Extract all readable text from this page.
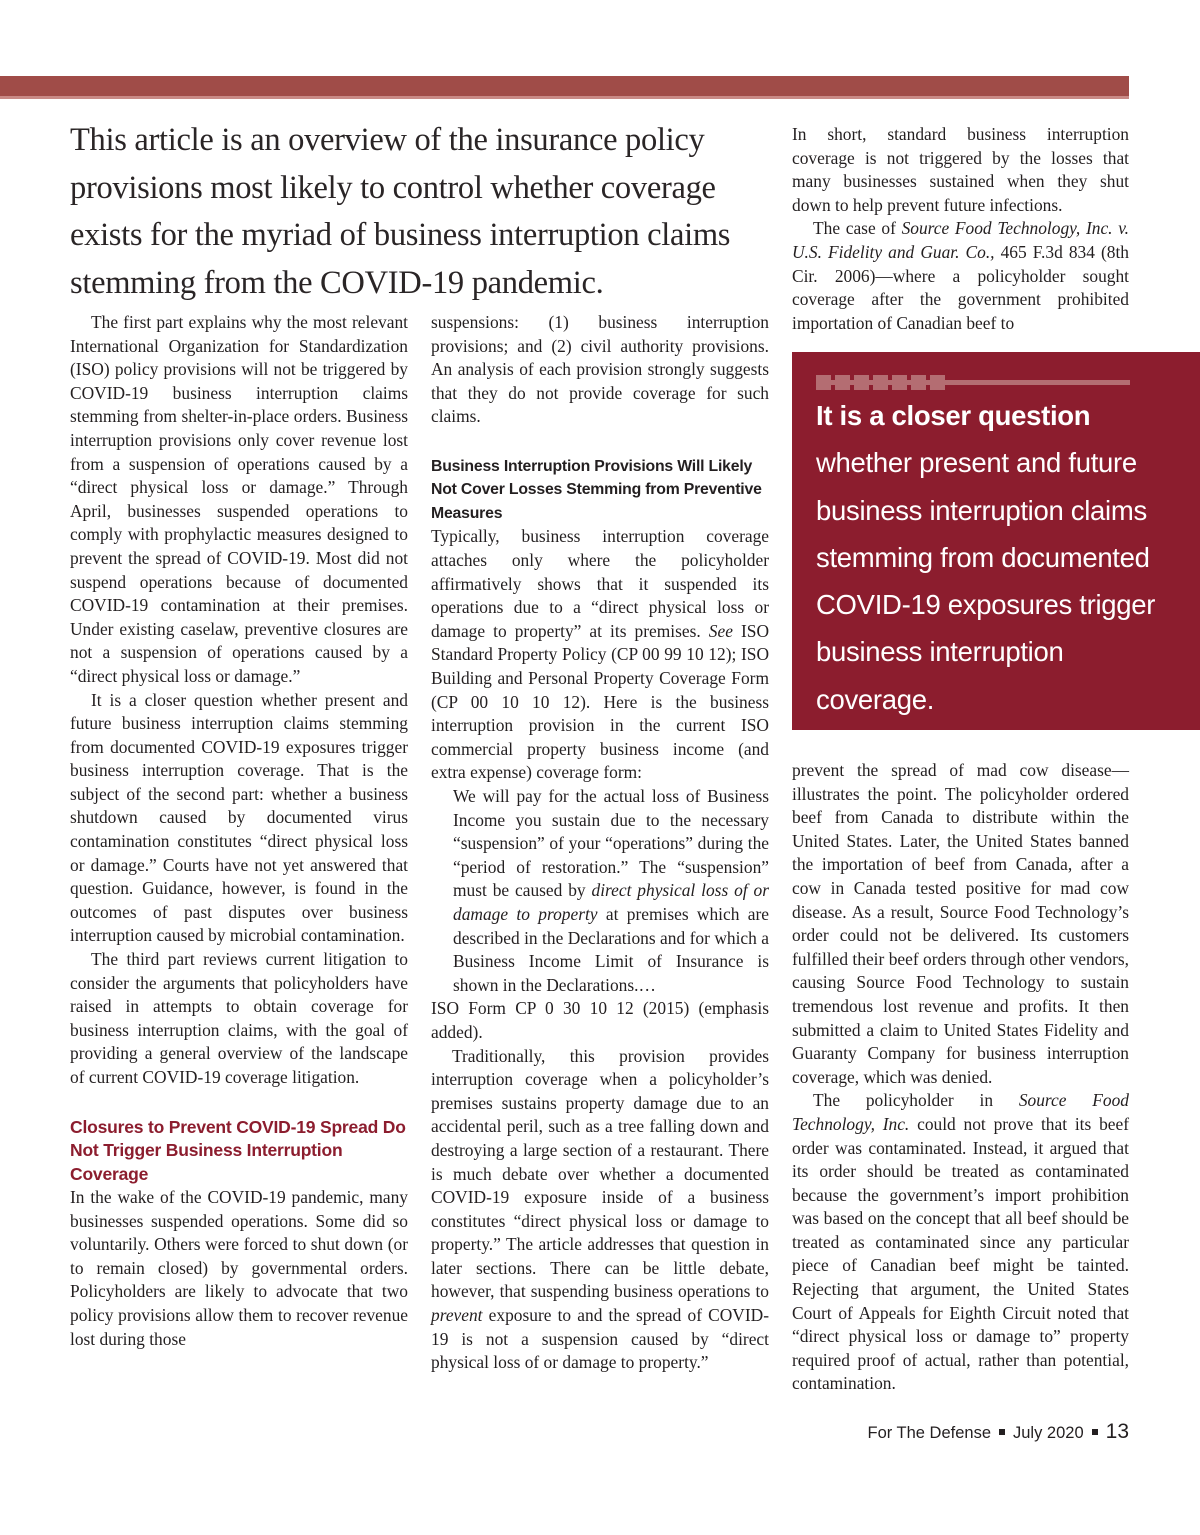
This article is an overview of the insurance policy provisions most likely to control whether coverage exists for the myriad of business interruption claims stemming from the COVID-19 pandemic.

The first part explains why the most relevant International Organization for Standardization (ISO) policy provisions will not be triggered by COVID-19 business interruption claims stemming from shelter-in-place orders. Business interruption provisions only cover revenue lost from a suspension of operations caused by a “direct physical loss or damage.” Through April, businesses suspended operations to comply with prophylactic measures designed to prevent the spread of COVID-19. Most did not suspend operations because of documented COVID-19 contamination at their premises. Under existing caselaw, preventive closures are not a suspension of operations caused by a “direct physical loss or damage.”

It is a closer question whether present and future business interruption claims stemming from documented COVID-19 exposures trigger business interruption coverage. That is the subject of the second part: whether a business shutdown caused by documented virus contamination constitutes “direct physical loss or damage.” Courts have not yet answered that question. Guidance, however, is found in the outcomes of past disputes over business interruption caused by microbial contamination.

The third part reviews current litigation to consider the arguments that policyholders have raised in attempts to obtain coverage for business interruption claims, with the goal of providing a general overview of the landscape of current COVID-19 coverage litigation.

Closures to Prevent COVID-19 Spread Do Not Trigger Business Interruption Coverage

In the wake of the COVID-19 pandemic, many businesses suspended operations. Some did so voluntarily. Others were forced to shut down (or to remain closed) by governmental orders. Policyholders are likely to advocate that two policy provisions allow them to recover revenue lost during those

suspensions: (1) business interruption provisions; and (2) civil authority provisions. An analysis of each provision strongly suggests that they do not provide coverage for such claims.

Business Interruption Provisions Will Likely Not Cover Losses Stemming from Preventive Measures

Typically, business interruption coverage attaches only where the policyholder affirmatively shows that it suspended its operations due to a “direct physical loss or damage to property” at its premises. See ISO Standard Property Policy (CP 00 99 10 12); ISO Building and Personal Property Coverage Form (CP 00 10 10 12). Here is the business interruption provision in the current ISO commercial property business income (and extra expense) coverage form:

We will pay for the actual loss of Business Income you sustain due to the necessary “suspension” of your “operations” during the “period of restoration.” The “suspension” must be caused by direct physical loss of or damage to property at premises which are described in the Declarations and for which a Business Income Limit of Insurance is shown in the Declarations.…

ISO Form CP 0 30 10 12 (2015) (emphasis added).

Traditionally, this provision provides interruption coverage when a policyholder’s premises sustains property damage due to an accidental peril, such as a tree falling down and destroying a large section of a restaurant. There is much debate over whether a documented COVID-19 exposure inside of a business constitutes “direct physical loss or damage to property.” The article addresses that question in later sections. There can be little debate, however, that suspending business operations to prevent exposure to and the spread of COVID-19 is not a suspension caused by “direct physical loss of or damage to property.”

In short, standard business interruption coverage is not triggered by the losses that many businesses sustained when they shut down to help prevent future infections.

The case of Source Food Technology, Inc. v. U.S. Fidelity and Guar. Co., 465 F.3d 834 (8th Cir. 2006)—where a policyholder sought coverage after the government prohibited importation of Canadian beef to

It is a closer question
whether present and future business interruption claims stemming from documented COVID-19 exposures trigger business interruption coverage.

prevent the spread of mad cow disease—illustrates the point. The policyholder ordered beef from Canada to distribute within the United States. Later, the United States banned the importation of beef from Canada, after a cow in Canada tested positive for mad cow disease. As a result, Source Food Technology’s order could not be delivered. Its customers fulfilled their beef orders through other vendors, causing Source Food Technology to sustain tremendous lost revenue and profits. It then submitted a claim to United States Fidelity and Guaranty Company for business interruption coverage, which was denied.

The policyholder in Source Food Technology, Inc. could not prove that its beef order was contaminated. Instead, it argued that its order should be treated as contaminated because the government’s import prohibition was based on the concept that all beef should be treated as contaminated since any particular piece of Canadian beef might be tainted. Rejecting that argument, the United States Court of Appeals for Eighth Circuit noted that “direct physical loss or damage to” property required proof of actual, rather than potential, contamination.

For The Defense July 2020 13
